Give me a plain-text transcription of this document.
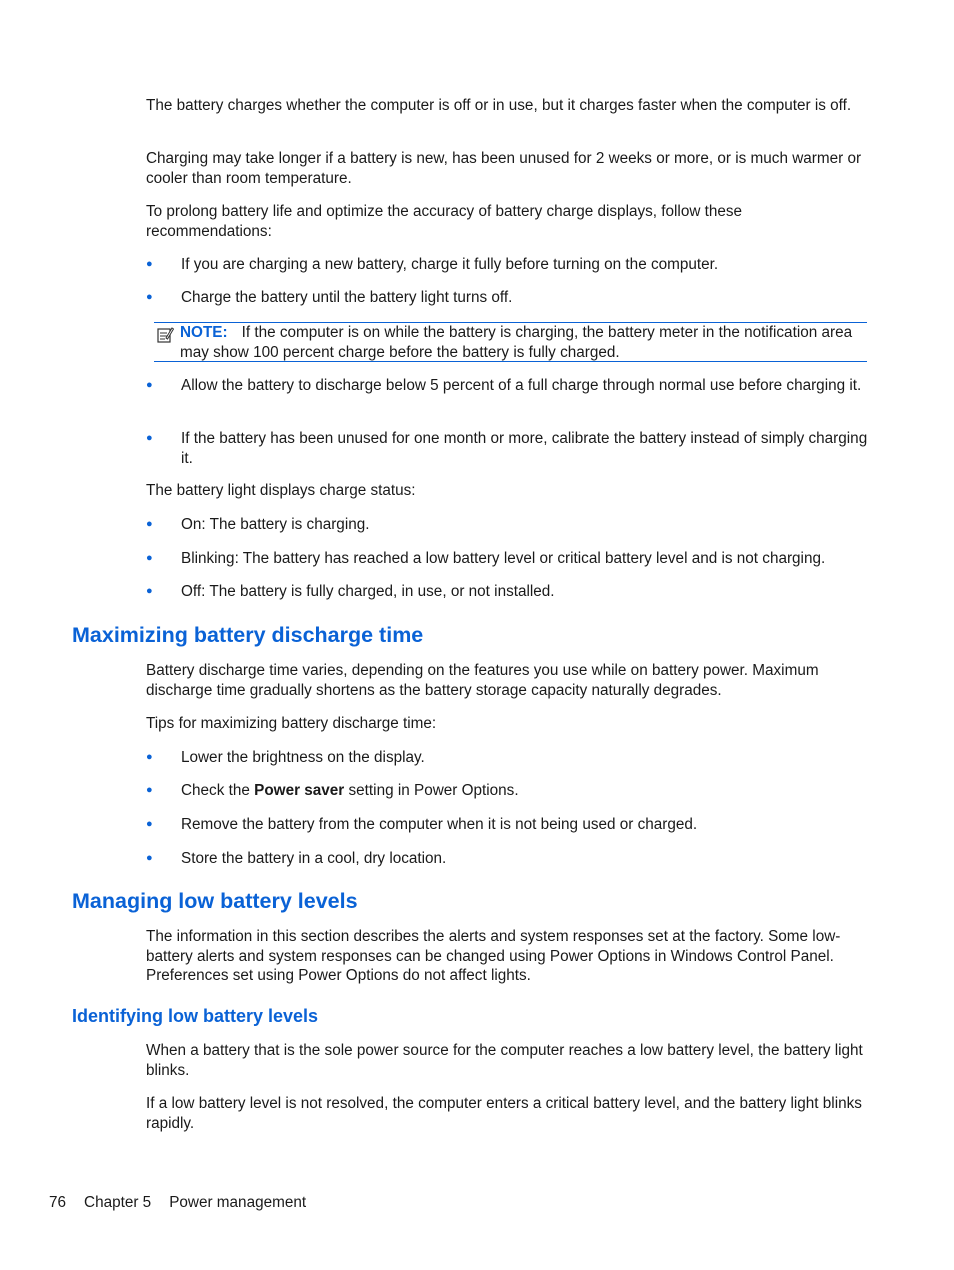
The battery charges whether the computer is off or in use, but it charges faster when the computer is off.

Charging may take longer if a battery is new, has been unused for 2 weeks or more, or is much warmer or cooler than room temperature.

To prolong battery life and optimize the accuracy of battery charge displays, follow these recommendations:

●	If you are charging a new battery, charge it fully before turning on the computer.
●	Charge the battery until the battery light turns off.
NOTE: If the computer is on while the battery is charging, the battery meter in the notification area may show 100 percent charge before the battery is fully charged.
●	Allow the battery to discharge below 5 percent of a full charge through normal use before charging it.
●	If the battery has been unused for one month or more, calibrate the battery instead of simply charging it.

The battery light displays charge status:

●	On: The battery is charging.
●	Blinking: The battery has reached a low battery level or critical battery level and is not charging.
●	Off: The battery is fully charged, in use, or not installed.
Maximizing battery discharge time

Battery discharge time varies, depending on the features you use while on battery power. Maximum discharge time gradually shortens as the battery storage capacity naturally degrades.

Tips for maximizing battery discharge time:

●	Lower the brightness on the display.
●	Check the Power saver setting in Power Options.
●	Remove the battery from the computer when it is not being used or charged.
●	Store the battery in a cool, dry location.
Managing low battery levels

The information in this section describes the alerts and system responses set at the factory. Some low-battery alerts and system responses can be changed using Power Options in Windows Control Panel. Preferences set using Power Options do not affect lights.

Identifying low battery levels

When a battery that is the sole power source for the computer reaches a low battery level, the battery light blinks.

If a low battery level is not resolved, the computer enters a critical battery level, and the battery light blinks rapidly.

76 Chapter 5 Power management
